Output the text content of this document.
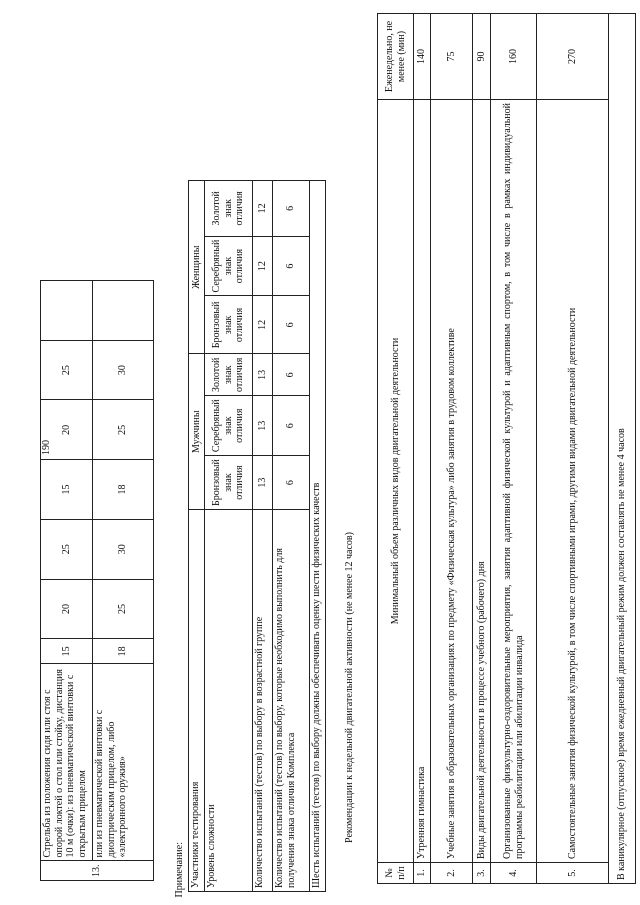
190
13.	Стрельба из положения сидя или стоя с опорой локтей о стол или стойку, дистанция 10 м (очки): из пневматической винтовки с открытым прицелом	15	20	25	15	20	25	
	или из пневматической винтовки с диоптрическим прицелом, либо «электронного оружия»	18	25	30	18	25	30	
Примечание: Участники тестирования	Мужчины			Женщины		
Уровень сложности	Бронзовый знак отличия	Серебряный знак отличия	Золотой знак отличия	Бронзовый знак отличия	Серебряный знак отличия	Золотой знак отличия
Количество испытаний (тестов) по выбору в возрастной группе	13	13	13	12	12	12
Количество испытаний (тестов) по выбору, которые необходимо выполнить для получения знака отличия Комплекса	6	6	6	6	6	6
Шесть испытаний (тестов) по выбору должны обеспечивать оценку шести физических качеств						Рекомендации к недельной двигательной активности (не менее 12 часов)
№ п/п	Минимальный объем различных видов двигательной деятельности	Еженедельно, не менее (мин)
1.	Утренняя гимнастика	140
2.	Учебные занятия в образовательных организациях по предмету «Физическая культура» либо занятия в трудовом коллективе	75
3.	Виды двигательной деятельности в процессе учебного (рабочего) дня	90
4.	Организованные физкультурно-оздоровительные мероприятия, занятия адаптивной физической культурой и адаптивным спортом, в том числе в рамках индивидуальной программы реабилитации или абилитации инвалида	160
5.	Самостоятельные занятия физической культурой, в том числе спортивными играми, другими видами двигательной деятельности	270
В каникулярное (отпускное) время ежедневный двигательный режим должен составлять не менее 4 часов		
